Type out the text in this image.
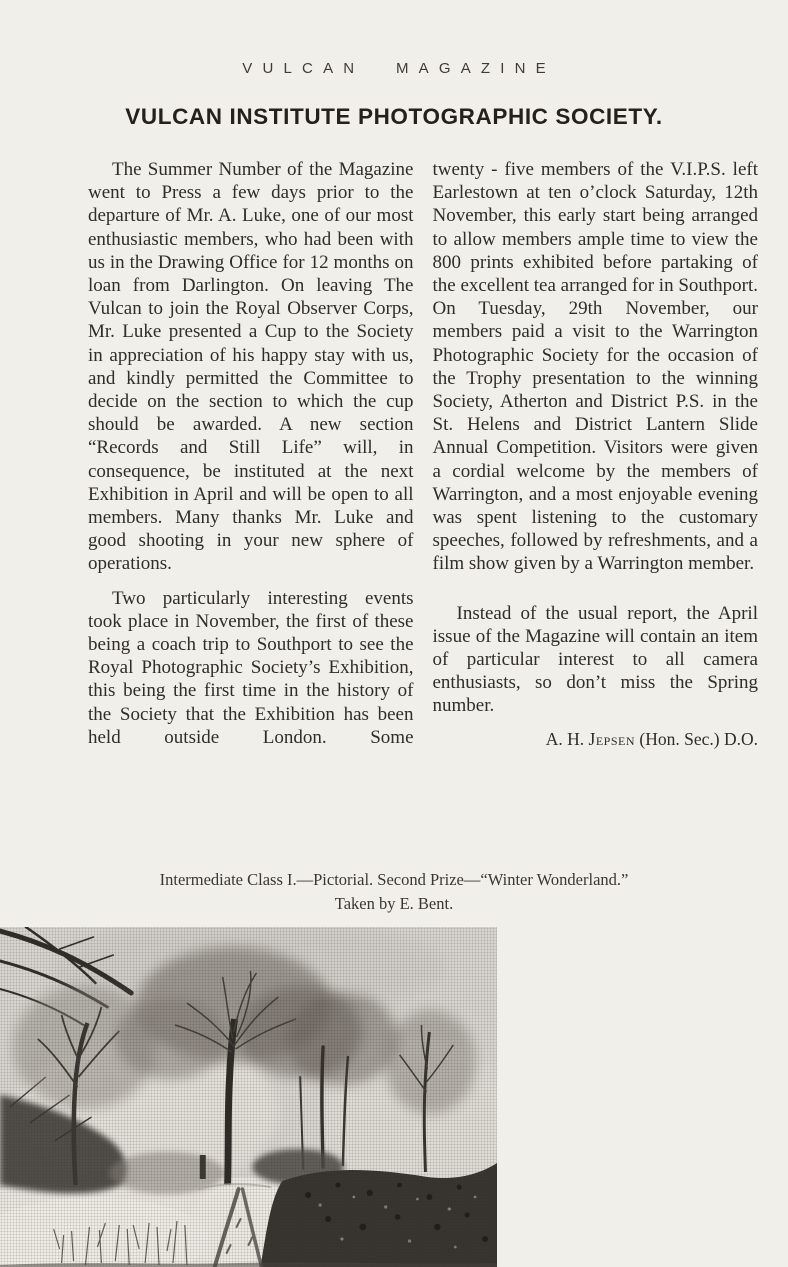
VULCAN MAGAZINE
VULCAN INSTITUTE PHOTOGRAPHIC SOCIETY.

The Summer Number of the Magazine went to Press a few days prior to the departure of Mr. A. Luke, one of our most enthusiastic members, who had been with us in the Drawing Office for 12 months on loan from Darlington. On leaving The Vulcan to join the Royal Observer Corps, Mr. Luke presented a Cup to the Society in appreciation of his happy stay with us, and kindly permitted the Committee to decide on the section to which the cup should be awarded. A new section “Records and Still Life” will, in consequence, be instituted at the next Exhibition in April and will be open to all members. Many thanks Mr. Luke and good shooting in your new sphere of operations.

Two particularly interesting events took place in November, the first of these being a coach trip to Southport to see the Royal Photographic Society’s Exhibition, this being the first time in the history of the Society that the Exhibition has been held outside London. Some

twenty - five members of the V.I.P.S. left Earlestown at ten o’clock Saturday, 12th November, this early start being arranged to allow members ample time to view the 800 prints exhibited before partaking of the excellent tea arranged for in Southport. On Tuesday, 29th November, our members paid a visit to the Warrington Photographic Society for the occasion of the Trophy presentation to the winning Society, Atherton and District P.S. in the St. Helens and District Lantern Slide Annual Competition. Visitors were given a cordial welcome by the members of Warrington, and a most enjoyable evening was spent listening to the customary speeches, followed by refreshments, and a film show given by a Warrington member.

Instead of the usual report, the April issue of the Magazine will contain an item of particular interest to all camera enthusiasts, so don’t miss the Spring number.

A. H. Jepsen (Hon. Sec.) D.O.
Intermediate Class I.—Pictorial. Second Prize—“Winter Wonderland.”
Taken by E. Bent.
